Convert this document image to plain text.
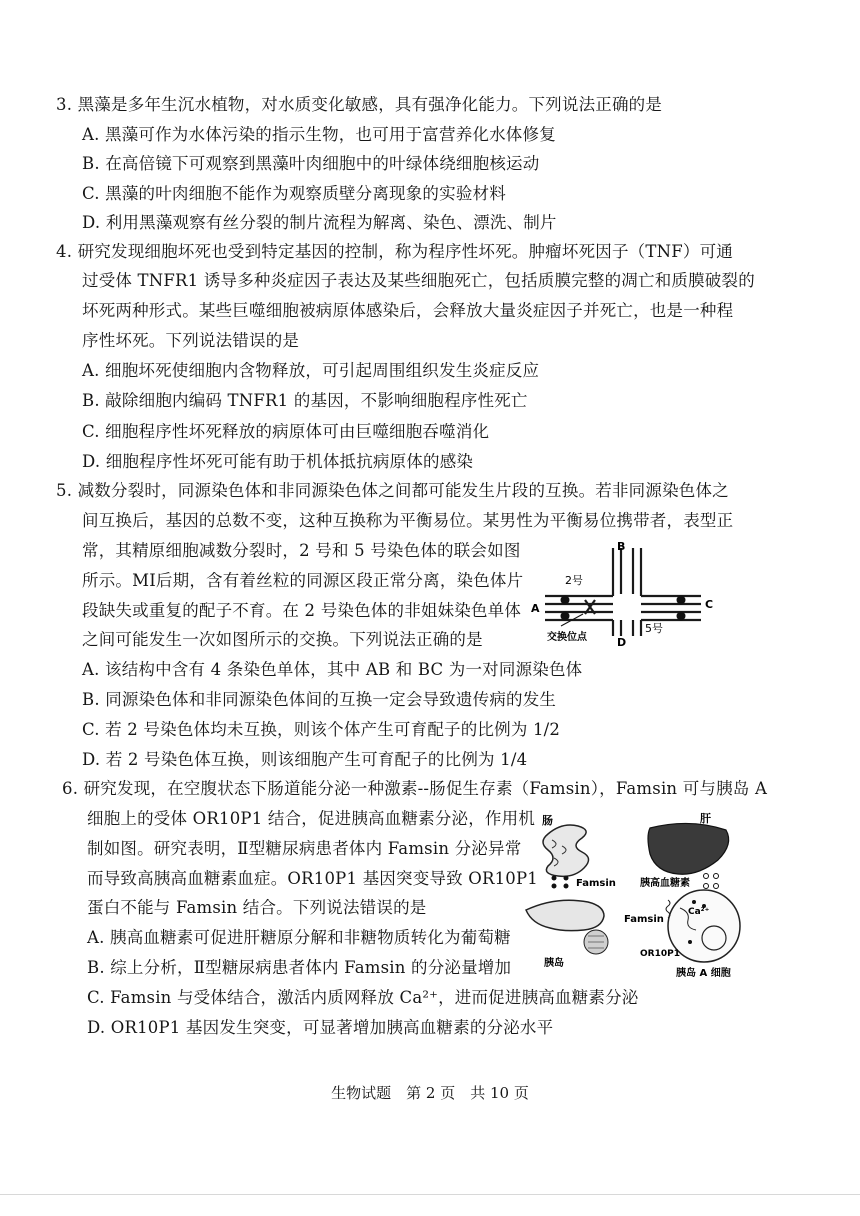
3. 黑藻是多年生沉水植物，对水质变化敏感，具有强净化能力。下列说法正确的是
A. 黑藻可作为水体污染的指示生物，也可用于富营养化水体修复
B. 在高倍镜下可观察到黑藻叶肉细胞中的叶绿体绕细胞核运动
C. 黑藻的叶肉细胞不能作为观察质壁分离现象的实验材料
D. 利用黑藻观察有丝分裂的制片流程为解离、染色、漂洗、制片
4. 研究发现细胞坏死也受到特定基因的控制，称为程序性坏死。肿瘤坏死因子（TNF）可通
过受体 TNFR1 诱导多种炎症因子表达及某些细胞死亡，包括质膜完整的凋亡和质膜破裂的
坏死两种形式。某些巨噬细胞被病原体感染后，会释放大量炎症因子并死亡，也是一种程
序性坏死。下列说法错误的是
A. 细胞坏死使细胞内含物释放，可引起周围组织发生炎症反应
B. 敲除细胞内编码 TNFR1 的基因，不影响细胞程序性死亡
C. 细胞程序性坏死释放的病原体可由巨噬细胞吞噬消化
D. 细胞程序性坏死可能有助于机体抵抗病原体的感染
5. 减数分裂时，同源染色体和非同源染色体之间都可能发生片段的互换。若非同源染色体之
间互换后，基因的总数不变，这种互换称为平衡易位。某男性为平衡易位携带者，表型正
常，其精原细胞减数分裂时，2 号和 5 号染色体的联会如图
所示。MI后期，含有着丝粒的同源区段正常分离，染色体片
段缺失或重复的配子不育。在 2 号染色体的非姐妹染色单体
之间可能发生一次如图所示的交换。下列说法正确的是
B
2号
A	C
5号
交换位点	D
A. 该结构中含有 4 条染色单体，其中 AB 和 BC 为一对同源染色体
B. 同源染色体和非同源染色体间的互换一定会导致遗传病的发生
C. 若 2 号染色体均未互换，则该个体产生可育配子的比例为 1/2
D. 若 2 号染色体互换，则该细胞产生可育配子的比例为 1/4
6. 研究发现，在空腹状态下肠道能分泌一种激素--肠促生存素（Famsin），Famsin 可与胰岛 A
细胞上的受体 OR10P1 结合，促进胰高血糖素分泌，作用机
制如图。研究表明，Ⅱ型糖尿病患者体内 Famsin 分泌异常
而导致高胰高血糖素血症。OR10P1 基因突变导致 OR10P1
蛋白不能与 Famsin 结合。下列说法错误的是
肠	肝
Famsin 胰高血糖素
胰岛
Famsin
Ca²⁺
OR10P1
胰岛 A 细胞
A. 胰高血糖素可促进肝糖原分解和非糖物质转化为葡萄糖
B. 综上分析，Ⅱ型糖尿病患者体内 Famsin 的分泌量增加
C. Famsin 与受体结合，激活内质网释放 Ca²⁺，进而促进胰高血糖素分泌
D. OR10P1 基因发生突变，可显著增加胰高血糖素的分泌水平
生物试题　第 2 页　共 10 页
